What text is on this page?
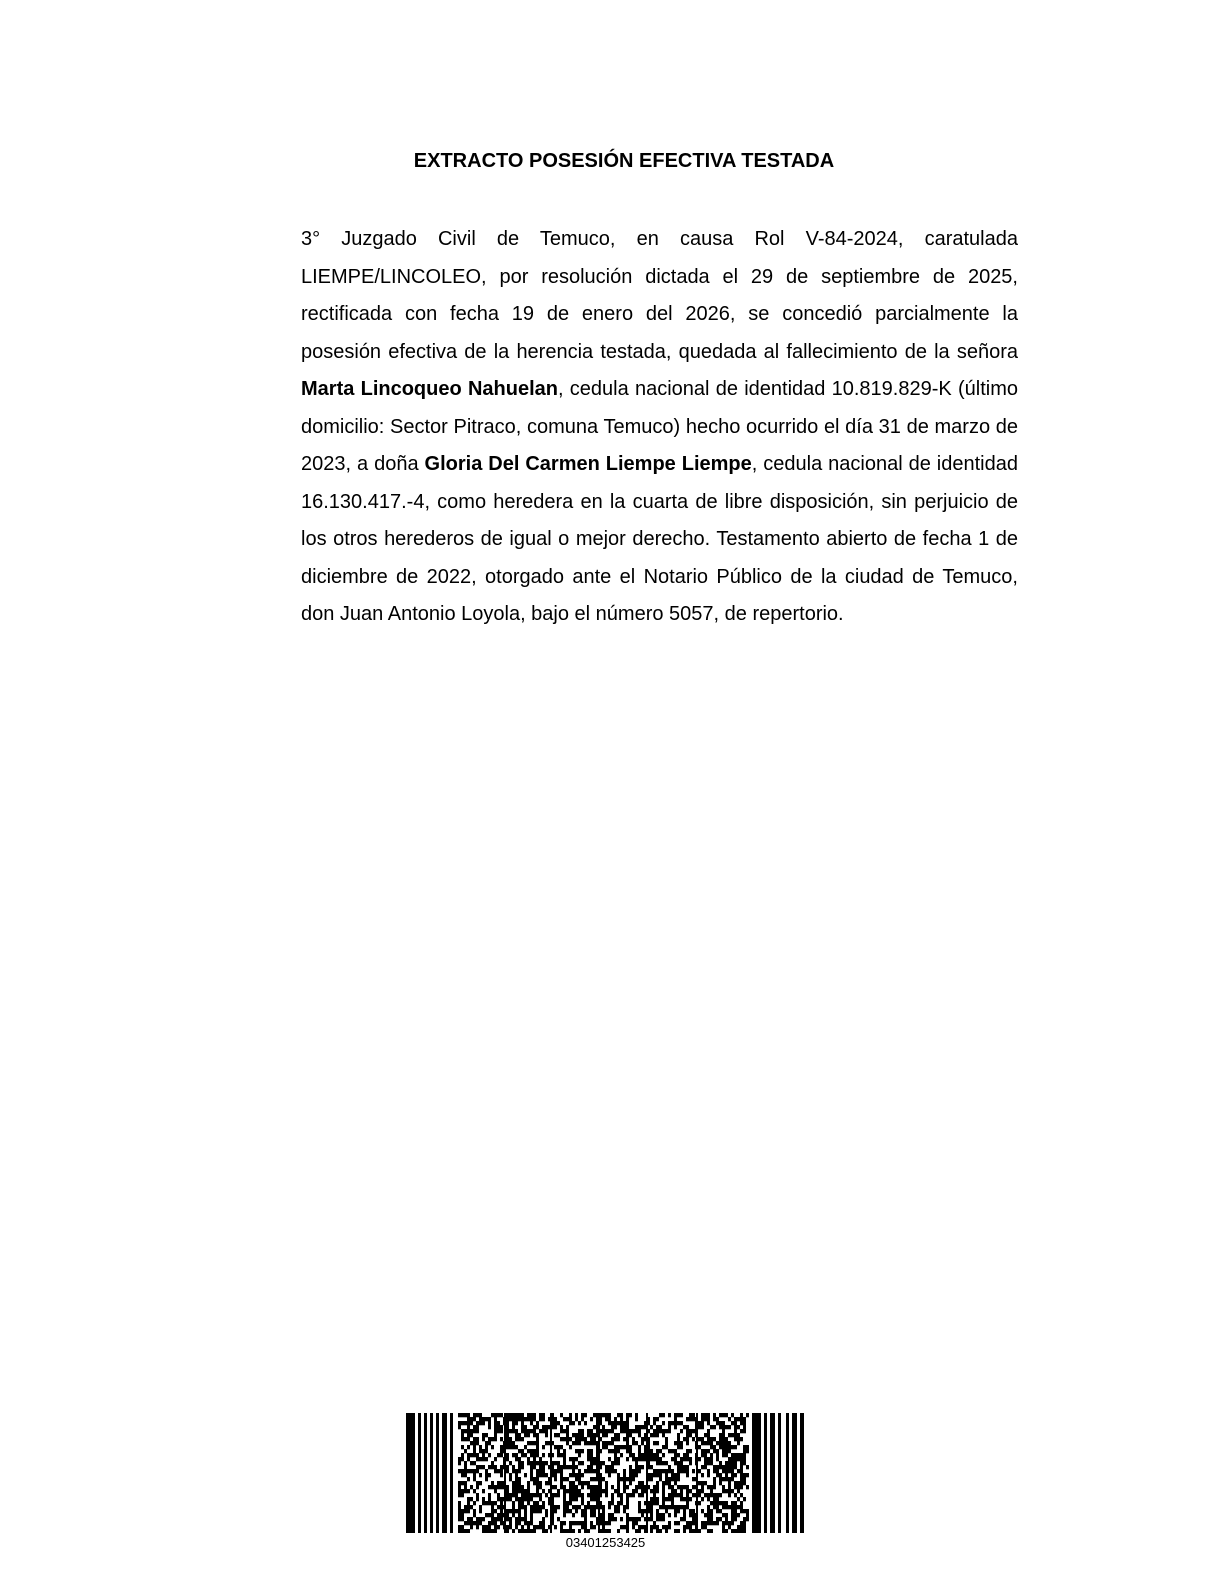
EXTRACTO POSESIÓN EFECTIVA TESTADA

3° Juzgado Civil de Temuco, en causa Rol V-84-2024, caratulada LIEMPE/LINCOLEO, por resolución dictada el 29 de septiembre de 2025, rectificada con fecha 19 de enero del 2026, se concedió parcialmente la posesión efectiva de la herencia testada, quedada al fallecimiento de la señora Marta Lincoqueo Nahuelan, cedula nacional de identidad 10.819.829-K (último domicilio: Sector Pitraco, comuna Temuco) hecho ocurrido el día 31 de marzo de 2023, a doña Gloria Del Carmen Liempe Liempe, cedula nacional de identidad 16.130.417.-4, como heredera en la cuarta de libre disposición, sin perjuicio de los otros herederos de igual o mejor derecho. Testamento abierto de fecha 1 de diciembre de 2022, otorgado ante el Notario Público de la ciudad de Temuco, don Juan Antonio Loyola, bajo el número 5057, de repertorio.

03401253425
